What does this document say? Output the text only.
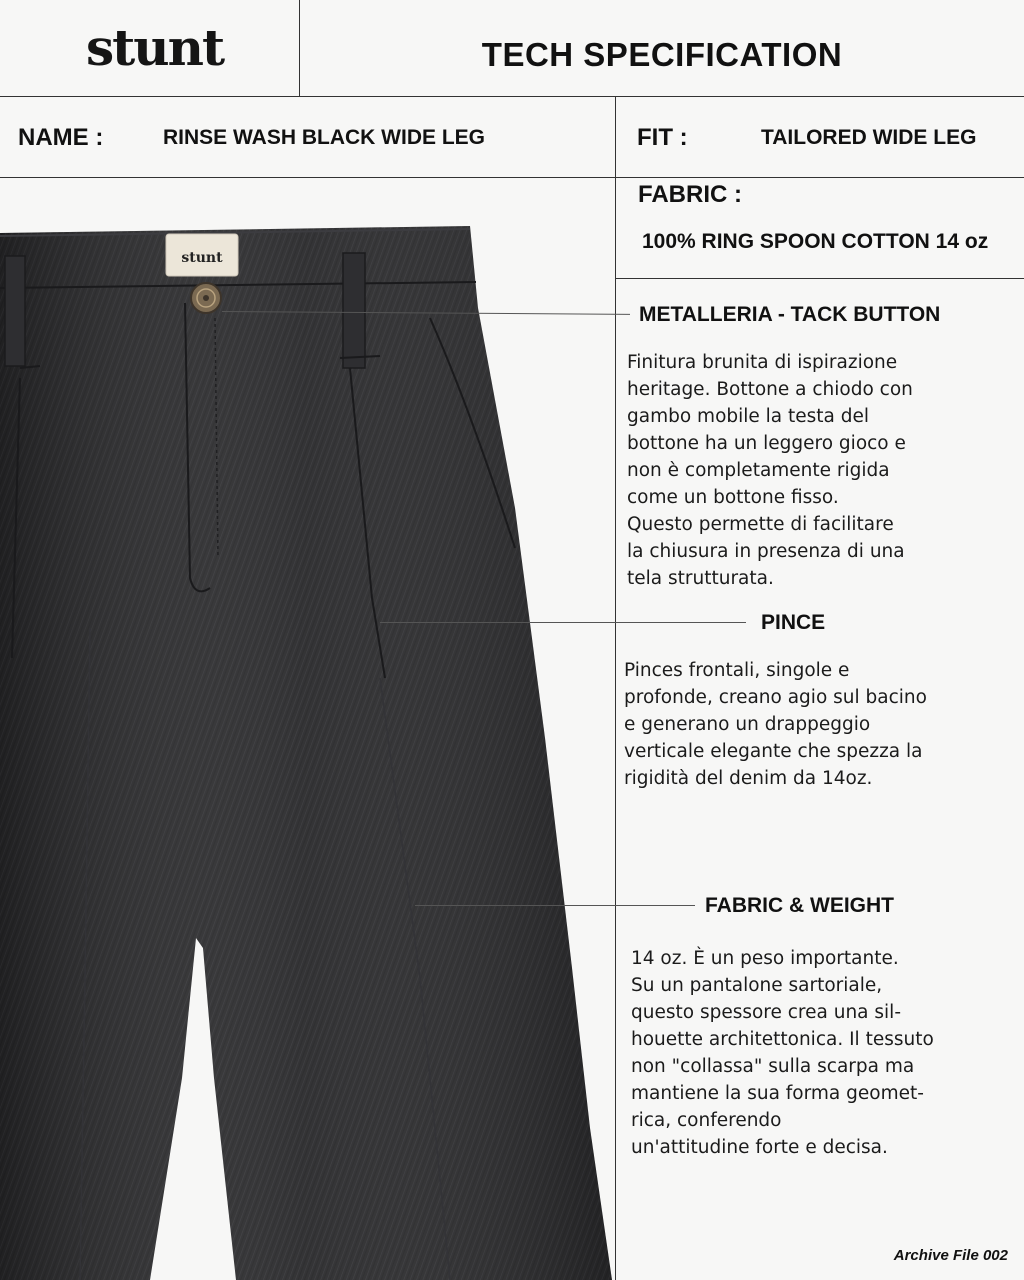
stunt	TECH SPECIFICATION
NAME :	RINSE WASH BLACK WIDE LEG	FIT :	TAILORED WIDE LEG
FABRIC :
100% RING SPOON COTTON 14 oz
stunt
METALLERIA - TACK BUTTON
Finitura brunita di ispirazione
heritage. Bottone a chiodo con
gambo mobile la testa del
bottone ha un leggero gioco e
non è completamente rigida
come un bottone fisso.
Questo permette di facilitare
la chiusura in presenza di una
tela strutturata.
PINCE
Pinces frontali, singole e
profonde, creano agio sul bacino
e generano un drappeggio
verticale elegante che spezza la
rigidità del denim da 14oz.
FABRIC & WEIGHT
14 oz. È un peso importante.
Su un pantalone sartoriale,
questo spessore crea una sil-
houette architettonica. Il tessuto
non "collassa" sulla scarpa ma
mantiene la sua forma geomet-
rica, conferendo
un'attitudine forte e decisa.
Archive File 002
